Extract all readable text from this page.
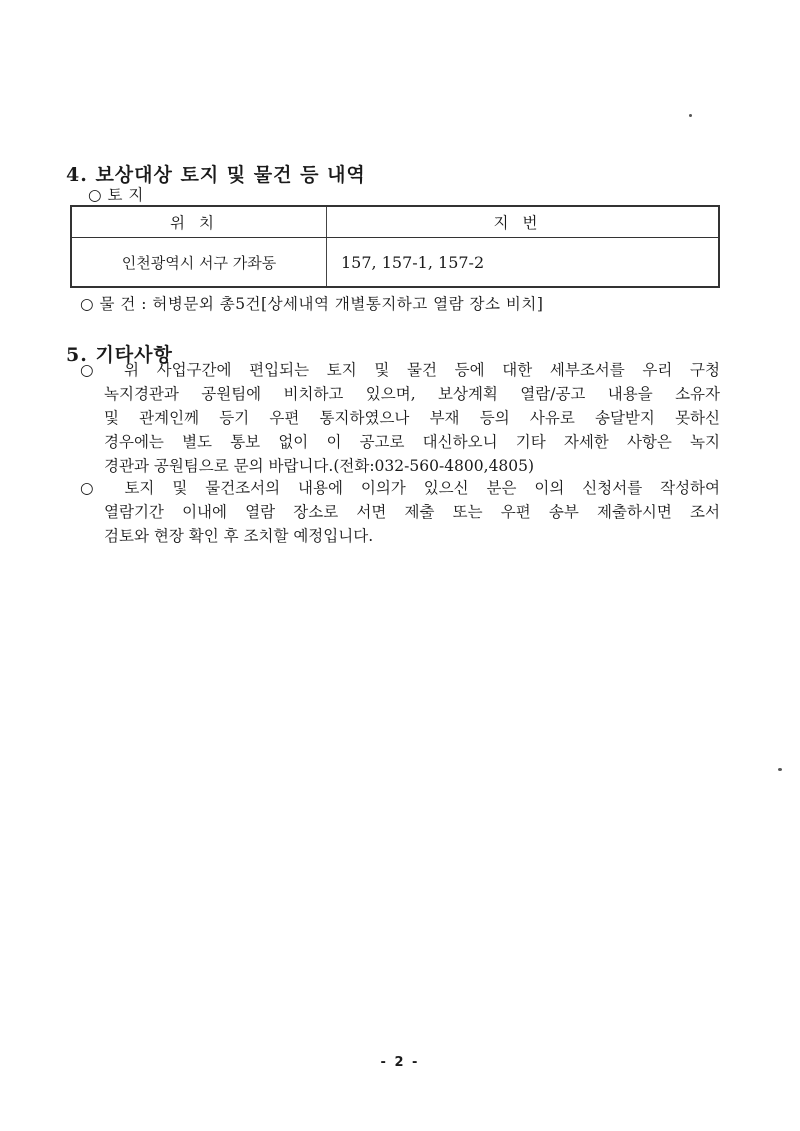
4. 보상대상 토지 및 물건 등 내역
○ 토 지
위치	지번
인천광역시 서구 가좌동	157, 157-1, 157-2
○ 물 건 : 허병문외 총5건[상세내역 개별통지하고 열람 장소 비치]
5. 기타사항
○ 위 사업구간에 편입되는 토지 및 물건 등에 대한 세부조서를 우리 구청
녹지경관과 공원팀에 비치하고 있으며, 보상계획 열람/공고 내용을 소유자
및 관계인께 등기 우편 통지하였으나 부재 등의 사유로 송달받지 못하신
경우에는 별도 통보 없이 이 공고로 대신하오니 기타 자세한 사항은 녹지
경관과 공원팀으로 문의 바랍니다.(전화:032-560-4800,4805)
○ 토지 및 물건조서의 내용에 이의가 있으신 분은 이의 신청서를 작성하여
열람기간 이내에 열람 장소로 서면 제출 또는 우편 송부 제출하시면 조서
검토와 현장 확인 후 조치할 예정입니다.
- 2 -
